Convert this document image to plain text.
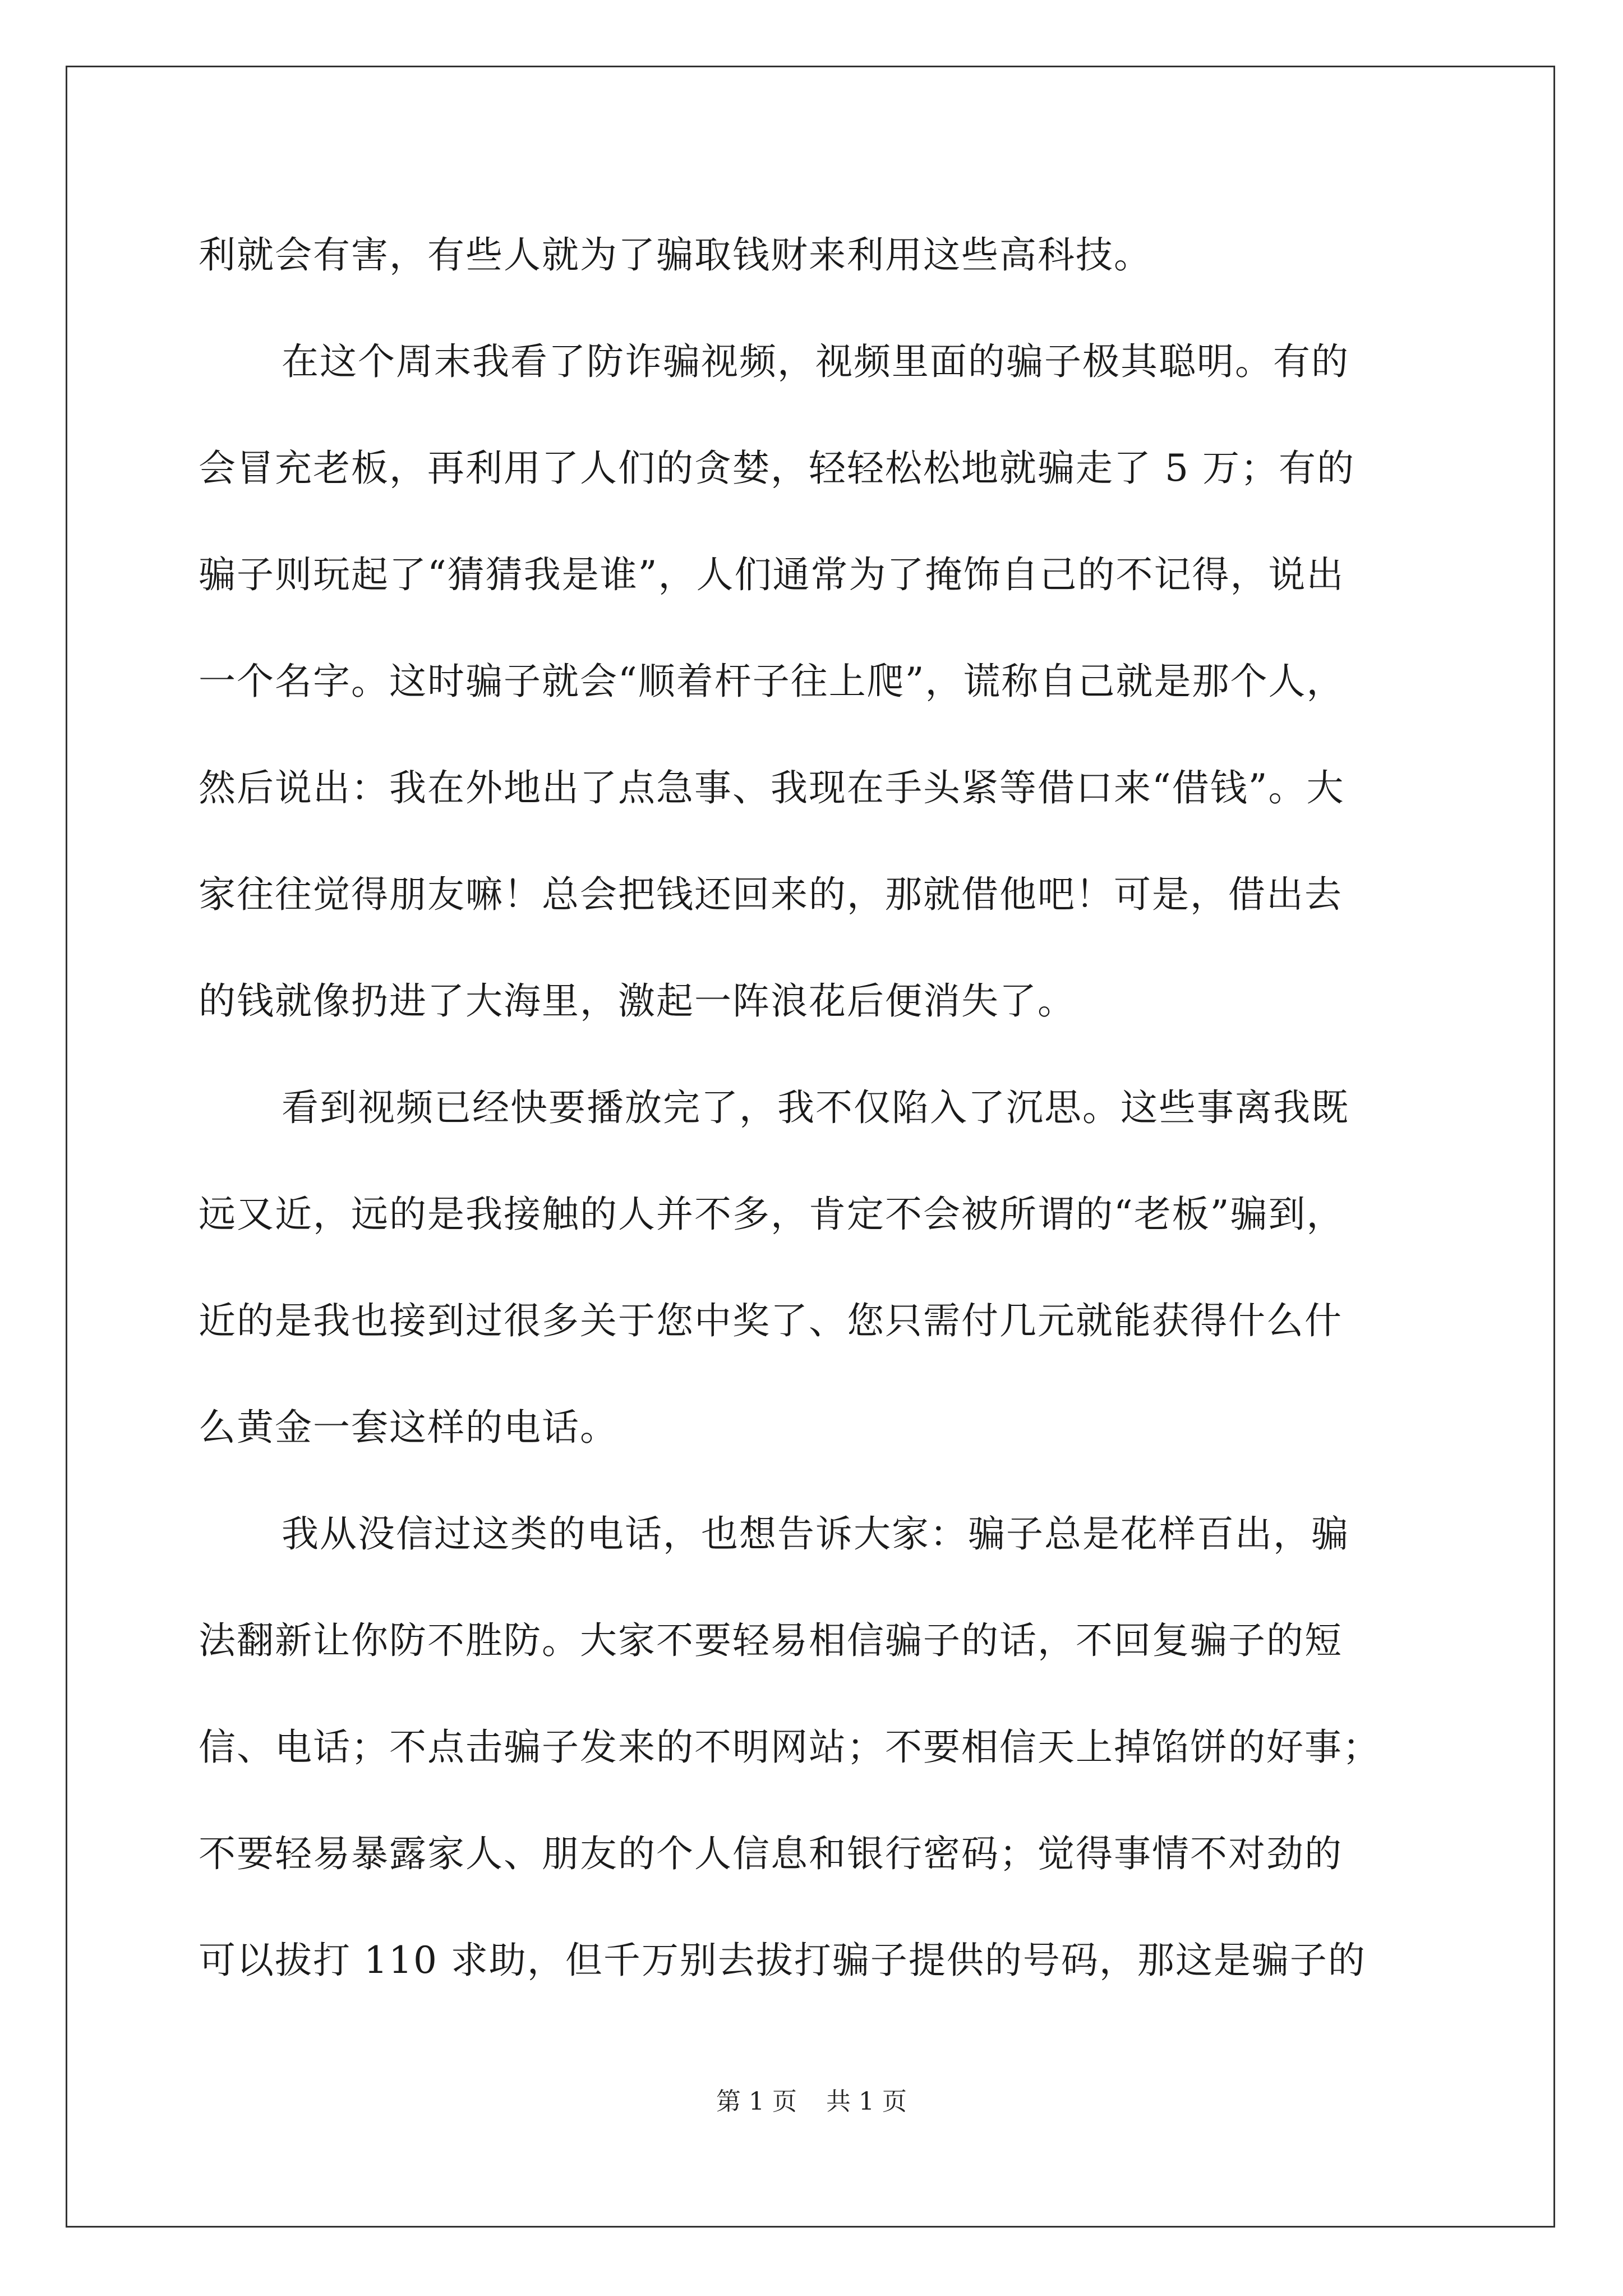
利就会有害，有些人就为了骗取钱财来利用这些高科技。
在这个周末我看了防诈骗视频，视频里面的骗子极其聪明。有的
会冒充老板，再利用了人们的贪婪，轻轻松松地就骗走了 5 万；有的
骗子则玩起了“猜猜我是谁”，人们通常为了掩饰自己的不记得，说出
一个名字。这时骗子就会“顺着杆子往上爬”，谎称自己就是那个人，
然后说出：我在外地出了点急事、我现在手头紧等借口来“借钱”。大
家往往觉得朋友嘛！总会把钱还回来的，那就借他吧！可是，借出去
的钱就像扔进了大海里，激起一阵浪花后便消失了。
看到视频已经快要播放完了，我不仅陷入了沉思。这些事离我既
远又近，远的是我接触的人并不多，肯定不会被所谓的“老板”骗到，
近的是我也接到过很多关于您中奖了、您只需付几元就能获得什么什
么黄金一套这样的电话。
我从没信过这类的电话，也想告诉大家：骗子总是花样百出，骗
法翻新让你防不胜防。大家不要轻易相信骗子的话，不回复骗子的短
信、电话；不点击骗子发来的不明网站；不要相信天上掉馅饼的好事；
不要轻易暴露家人、朋友的个人信息和银行密码；觉得事情不对劲的
可以拔打 110 求助，但千万别去拔打骗子提供的号码，那这是骗子的
第 1 页 共 1 页
